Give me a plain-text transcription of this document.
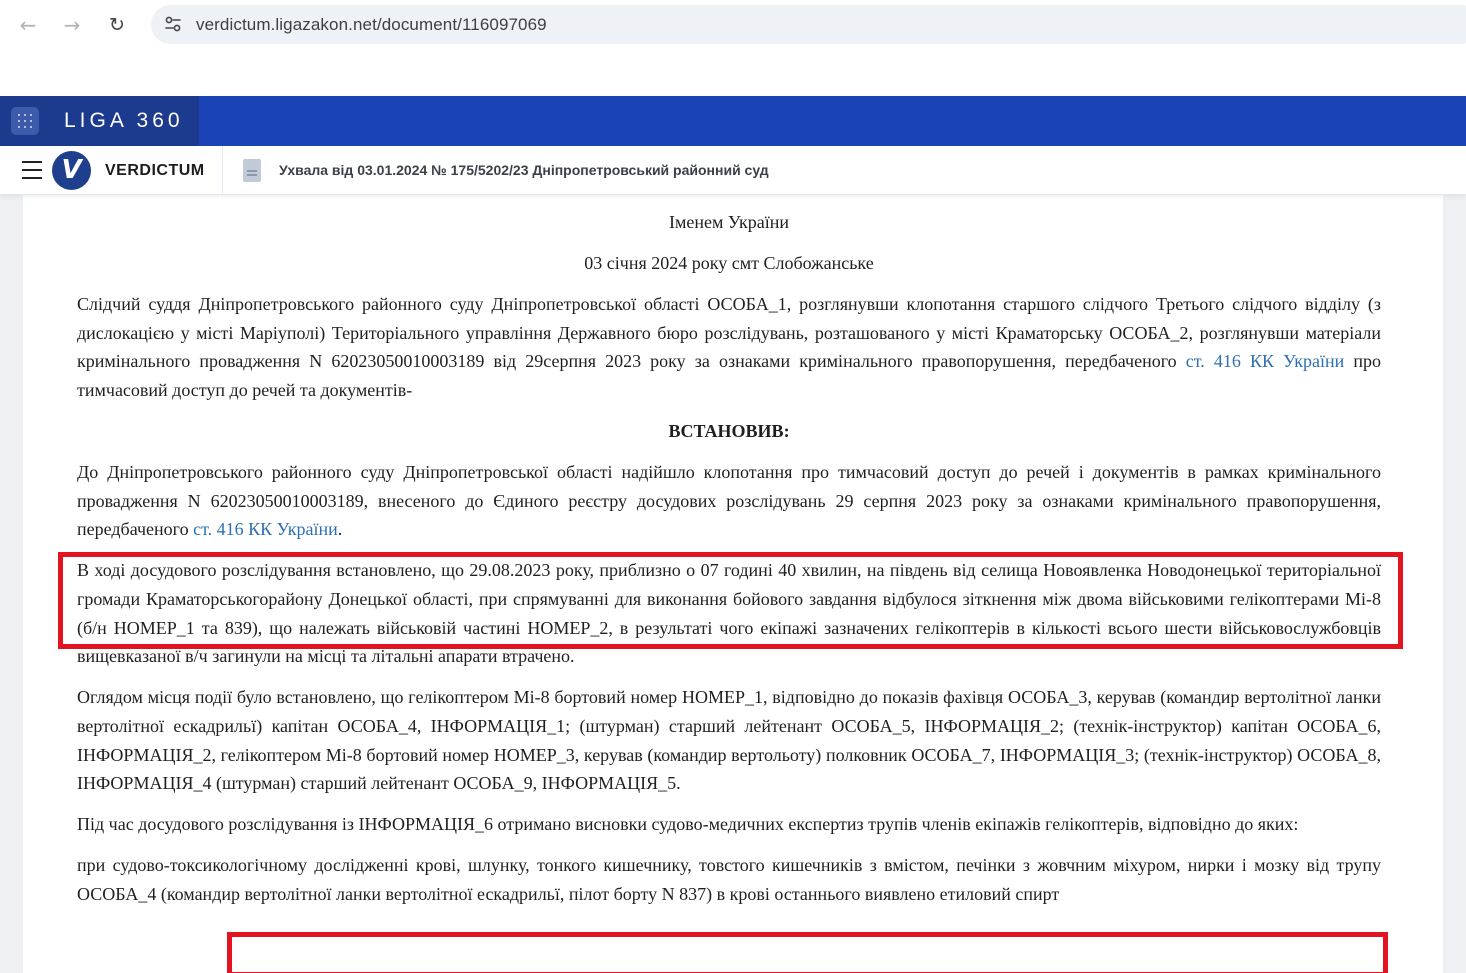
← →	↻	verdictum.ligazakon.net/document/116097069
LIGA 360
V	VERDICTUM	Ухвала від 03.01.2024 № 175/5202/23 Дніпропетровський районний суд

Іменем України

03 січня 2024 року смт Слобожанське

Слідчий суддя Дніпропетровського районного суду Дніпропетровської області ОСОБА_1, розглянувши клопотання старшого слідчого Третього слідчого відділу (з дислокацією у місті Маріуполі) Територіального управління Державного бюро розслідувань, розташованого у місті Краматорську ОСОБА_2, розглянувши матеріали кримінального провадження N 62023050010003189 від 29серпня 2023 року за ознаками кримінального правопорушення, передбаченого ст. 416 КК України про тимчасовий доступ до речей та документів-

ВСТАНОВИВ:

До Дніпропетровського районного суду Дніпропетровської області надійшло клопотання про тимчасовий доступ до речей і документів в рамках кримінального провадження N 62023050010003189, внесеного до Єдиного реєстру досудових розслідувань 29 серпня 2023 року за ознаками кримінального правопорушення, передбаченого ст. 416 КК України.

В ході досудового розслідування встановлено, що 29.08.2023 року, приблизно о 07 годині 40 хвилин, на південь від селища Новоявленка Новодонецької територіальної громади Краматорськогорайону Донецької області, при спрямуванні для виконання бойового завдання відбулося зіткнення між двома військовими гелікоптерами Мі-8 (б/н НОМЕР_1 та 839), що належать військовій частині НОМЕР_2, в результаті чого екіпажі зазначених гелікоптерів в кількості всього шести військовослужбовців вищевказаної в/ч загинули на місці та літальні апарати втрачено.

Оглядом місця події було встановлено, що гелікоптером Мі-8 бортовий номер НОМЕР_1, відповідно до показів фахівця ОСОБА_3, керував (командир вертолітної ланки вертолітної ескадрильї) капітан ОСОБА_4, ІНФОРМАЦІЯ_1; (штурман) старший лейтенант ОСОБА_5, ІНФОРМАЦІЯ_2; (технік-інструктор) капітан ОСОБА_6, ІНФОРМАЦІЯ_2, гелікоптером Мі-8 бортовий номер НОМЕР_3, керував (командир вертольоту) полковник ОСОБА_7, ІНФОРМАЦІЯ_3; (технік-інструктор) ОСОБА_8, ІНФОРМАЦІЯ_4 (штурман) старший лейтенант ОСОБА_9, ІНФОРМАЦІЯ_5.

Під час досудового розслідування із ІНФОРМАЦІЯ_6 отримано висновки судово-медичних експертиз трупів членів екіпажів гелікоптерів, відповідно до яких:

при судово-токсикологічному дослідженні крові, шлунку, тонкого кишечнику, товстого кишечників з вмістом, печінки з жовчним міхуром, нирки і мозку від трупу ОСОБА_4 (командир вертолітної ланки вертолітної ескадрильї, пілот борту N 837) в крові останнього виявлено етиловий спирт
